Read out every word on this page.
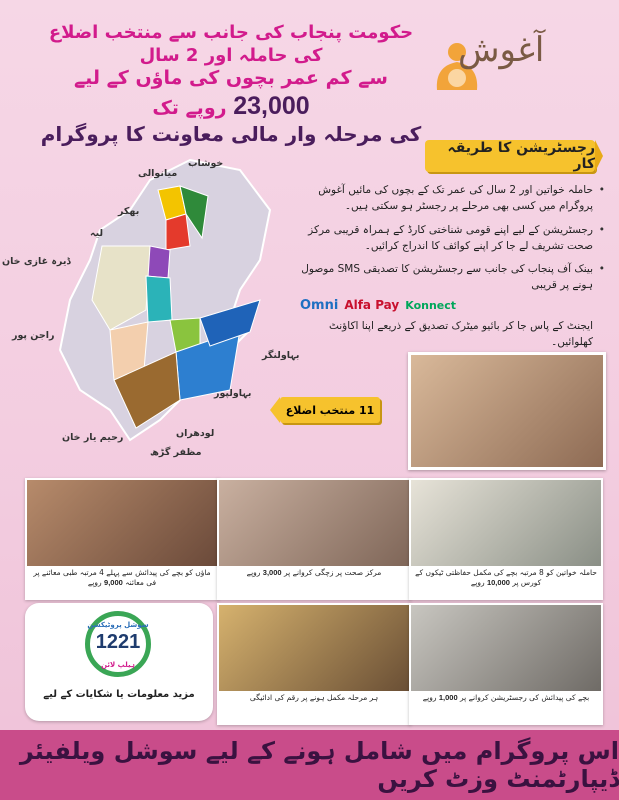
آغوش
حکومت پنجاب کی جانب سے منتخب اضلاع کی حاملہ اور 2 سال
سے کم عمر بچوں کی ماؤں کے لیے 23,000 روپے تک
کی مرحلہ وار مالی معاونت کا پروگرام
رجسٹریشن کا طریقہ کار
• حاملہ خواتین اور 2 سال کی عمر تک کے بچوں کی مائیں آغوش پروگرام میں کسی بھی مرحلے پر رجسٹر ہو سکتی ہیں۔
• رجسٹریشن کے لیے اپنے قومی شناختی کارڈ کے ہمراہ قریبی مرکز صحت تشریف لے جا کر اپنے کوائف کا اندراج کرائیں۔
• بینک آف پنجاب کی جانب سے رجسٹریشن کا تصدیقی SMS موصول ہونے پر قریبی
Konnect
Alfa Pay
Omni
ایجنٹ کے پاس جا کر بائیو میٹرک تصدیق کے ذریعے اپنا اکاؤنٹ کھلوائیں۔
خوشاب
میانوالی
بھکر
لیہ
ڈیرہ غازی خان
راجن پور
رحیم یار خان
مظفر گڑھ
لودھراں
بہاولپور
بہاولنگر
11 منتخب اضلاع
ماؤں کو بچے کی پیدائش سے پہلے 4 مرتبہ طبی معائنے پر فی معائنہ 9,000 روپے
مرکز صحت پر زچگی کروانے پر 3,000 روپے	حاملہ خواتین کو 8 مرتبہ بچے کی مکمل حفاظتی ٹیکوں کے کورس پر 10,000 روپے
سوشل پروٹیکشن
1221
ہیلپ لائن
مزید معلومات یا شکایات کے لیے	ہر مرحلہ مکمل ہونے پر رقم کی ادائیگی	بچے کی پیدائش کی رجسٹریشن کروانے پر 1,000 روپے
اس پروگرام میں شامل ہونے کے لیے سوشل ویلفیئر ڈیپارٹمنٹ وزٹ کریں
